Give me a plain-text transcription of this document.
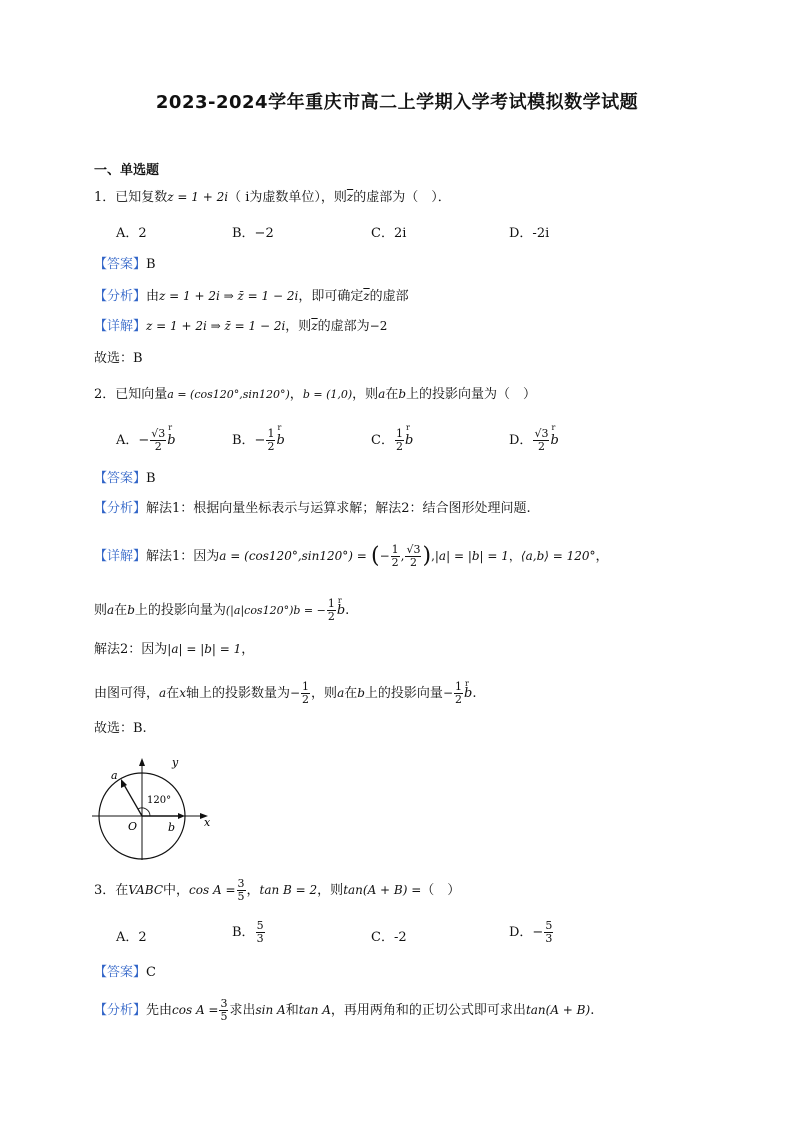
2023-2024学年重庆市高二上学期入学考试模拟数学试题
一、单选题
1．已知复数z = 1 + 2i（ i为虚数单位），则$\overline{z}$的虚部为（　）．
A．2	B．−2	C．2i	D．-2i
【答案】B
【分析】由z = 1 + 2i ⇒ z̄ = 1 − 2i，即可确定$\overline{z}$的虚部
【详解】z = 1 + 2i ⇒ z̄ = 1 − 2i，则$\overline{z}$的虚部为−2
故选：B
2．已知向量a = (cos120°,sin120°)，b = (1,0)，则a在b上的投影向量为（　）
A．− $\frac{√3}{2}$ r b	B．− $\frac{1}{2}$ r b	C． $\frac{1}{2}$ r b	D． $\frac{√3}{2}$ r b
【答案】B
【分析】解法1：根据向量坐标表示与运算求解；解法2：结合图形处理问题.
【详解】解法1：因为a = (cos120°,sin120°) = (− $\frac{1}{2}$ , $\frac{√3}{2} ),|a| = |b| = 1$，⟨a,b⟩ = 120°，
则a在b上的投影向量为(|a|cos120°)b = − $\frac{1}{2}$ r b.
解法2：因为|a| = |b| = 1，
由图可得，a在x轴上的投影数量为− $\frac{1}{2}$ ，则a在b上的投影向量− $\frac{1}{2}$ r b.
故选：B.
y
x
O
a
b
120°
3．在VABC中，$\cos A = \frac{3}{5}$ ，tan B = 2，则tan(A + B) =（　）
A．2	B． $\frac{5}{3}$	C．-2	D．− $\frac{5}{3}$
【答案】C
【分析】先由$\cos A = \frac{3}{5}$ 求出sin A和tan A，再用两角和的正切公式即可求出tan(A + B).
